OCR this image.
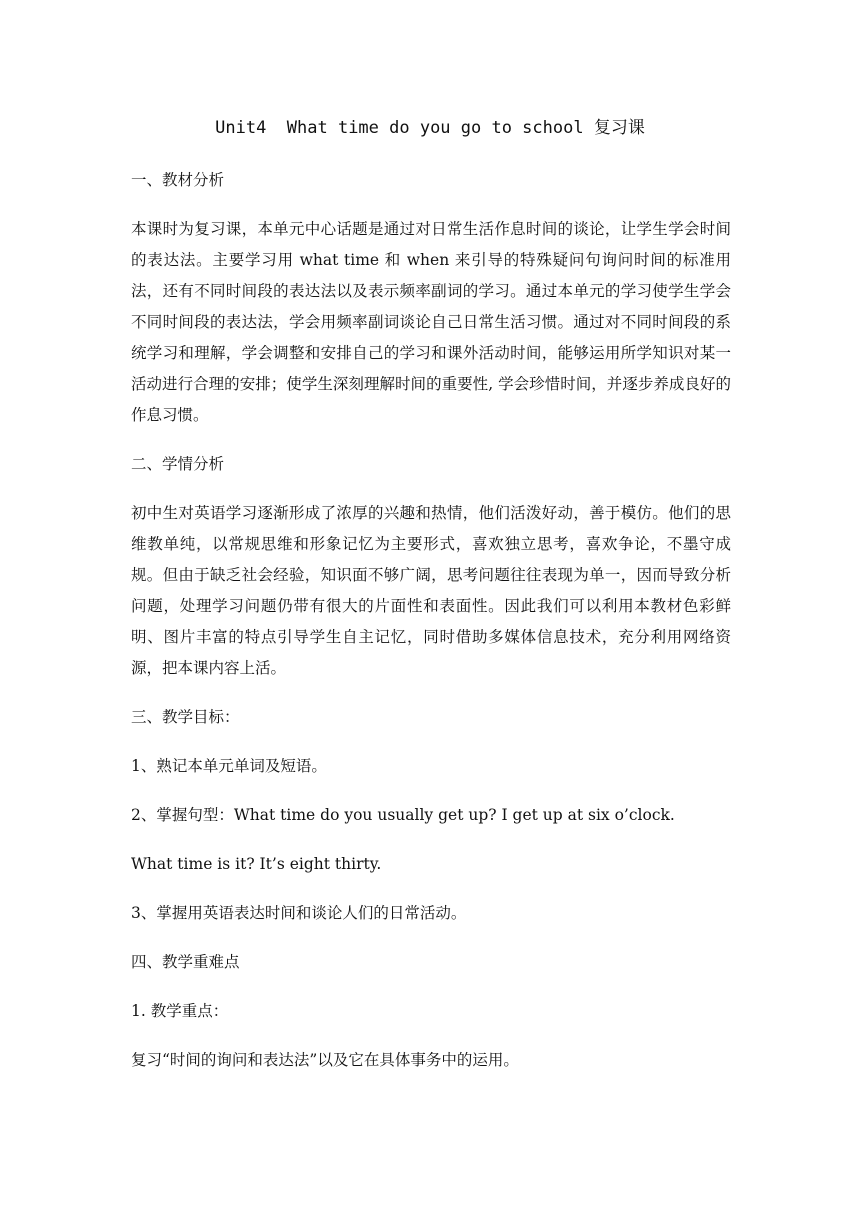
Unit4  What time do you go to school 复习课
一、教材分析
本课时为复习课，本单元中心话题是通过对日常生活作息时间的谈论，让学生学会时间的表达法。主要学习用 what time 和 when 来引导的特殊疑问句询问时间的标准用法，还有不同时间段的表达法以及表示频率副词的学习。通过本单元的学习使学生学会不同时间段的表达法，学会用频率副词谈论自己日常生活习惯。通过对不同时间段的系统学习和理解，学会调整和安排自己的学习和课外活动时间，能够运用所学知识对某一活动进行合理的安排；使学生深刻理解时间的重要性, 学会珍惜时间，并逐步养成良好的作息习惯。
二、学情分析
初中生对英语学习逐渐形成了浓厚的兴趣和热情，他们活泼好动，善于模仿。他们的思维教单纯，以常规思维和形象记忆为主要形式，喜欢独立思考，喜欢争论，不墨守成规。但由于缺乏社会经验，知识面不够广阔，思考问题往往表现为单一，因而导致分析问题，处理学习问题仍带有很大的片面性和表面性。因此我们可以利用本教材色彩鲜明、图片丰富的特点引导学生自主记忆，同时借助多媒体信息技术，充分利用网络资源，把本课内容上活。
三、教学目标：
1、熟记本单元单词及短语。
2、掌握句型：What time do you usually get up? I get up at six o’clock.
What time is it? It’s eight thirty.
3、掌握用英语表达时间和谈论人们的日常活动。
四、教学重难点
1. 教学重点：
复习“时间的询问和表达法”以及它在具体事务中的运用。
